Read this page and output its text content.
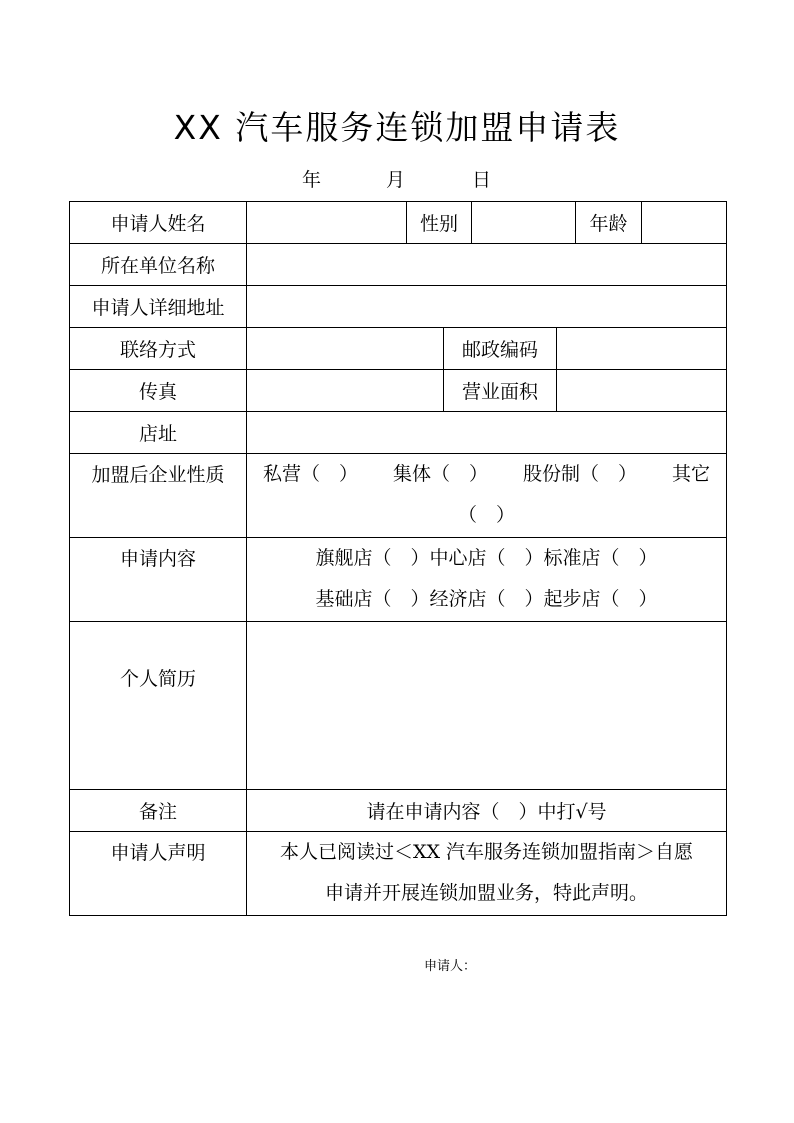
XX 汽车服务连锁加盟申请表
年	月	日
申请人姓名		性别				年龄	
所在单位名称							
申请人详细地址							
联络方式			邮政编码				
传真			营业面积				
店址							
加盟后企业性质	私营（　） 集体（　） 股份制（　） 其它
（　）						

申请内容	旗舰店（　）中心店（　）标准店（　）
基础店（　）经济店（　）起步店（　）						

个人简历							
备注	请在申请内容（　）中打√号						
申请人声明	本人已阅读过＜XX 汽车服务连锁加盟指南＞自愿
申请并开展连锁加盟业务，特此声明。						
申请人：
